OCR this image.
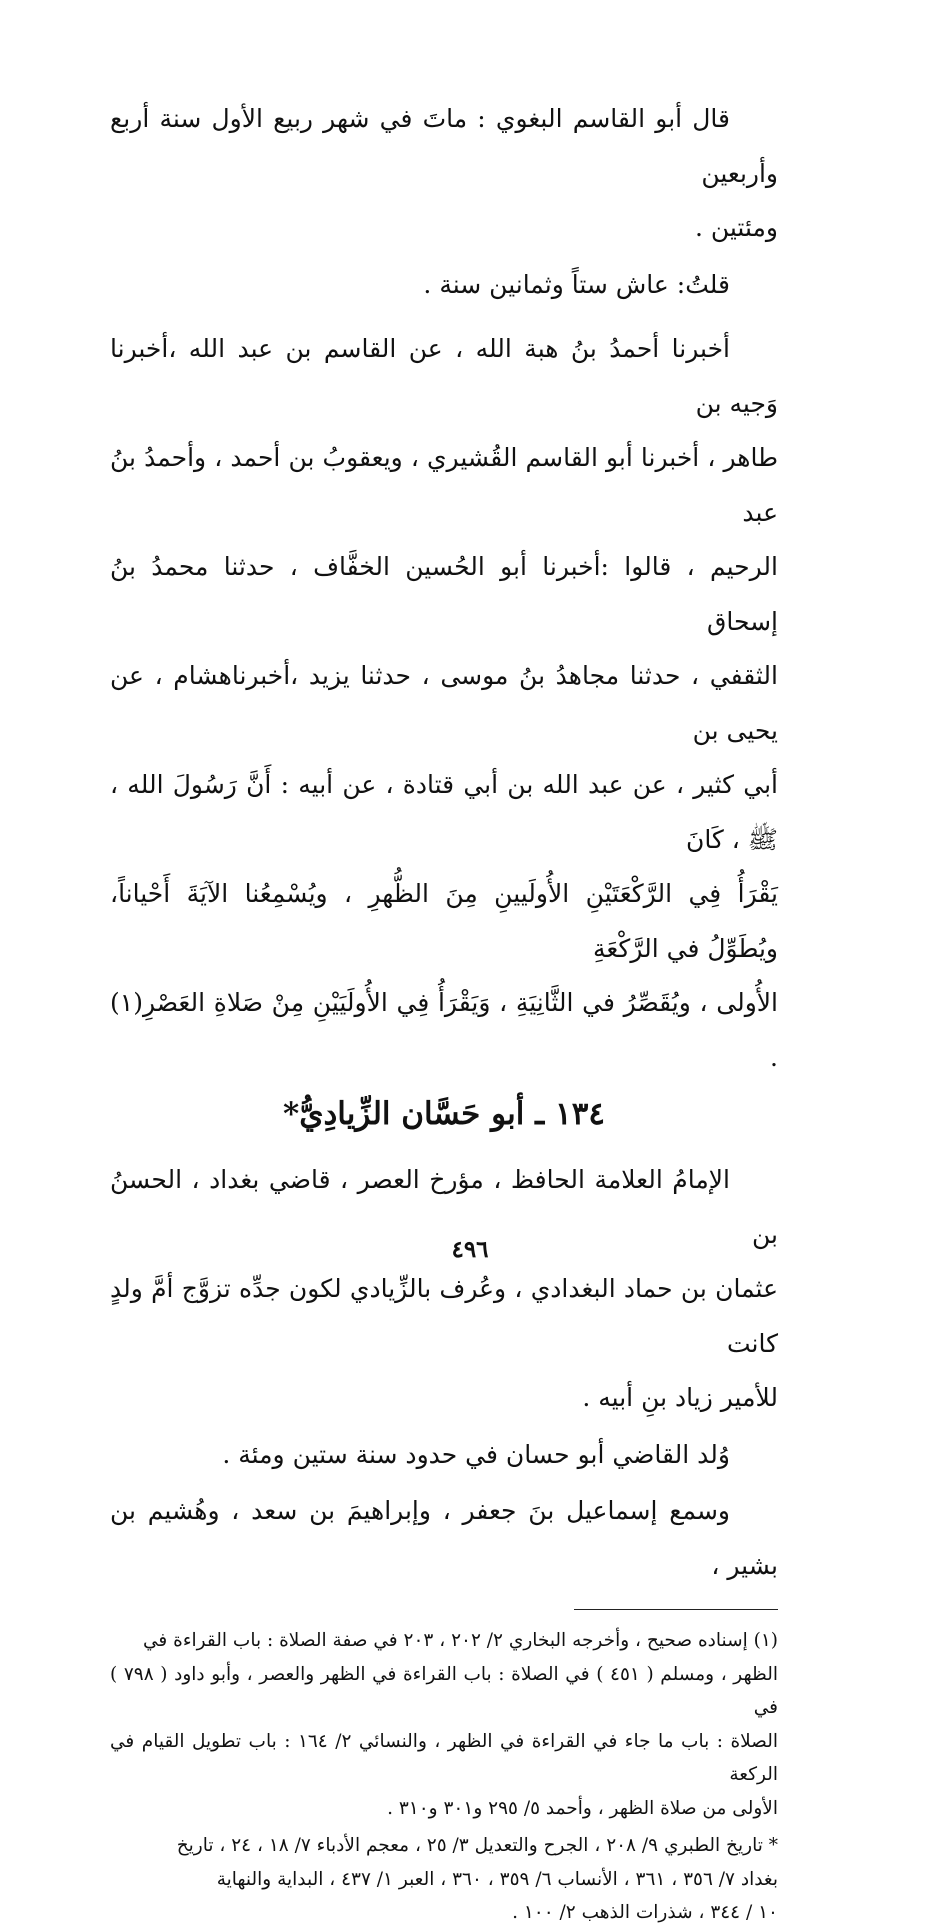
قال أبو القاسم البغوي : ماتَ في شهر ربيع الأول سنة أربع وأربعين
ومئتين .

قلتُ: عاش ستاً وثمانين سنة .

أخبرنا أحمدُ بنُ هبة الله ، عن القاسم بن عبد الله ،أخبرنا وَجيه بن
طاهر ، أخبرنا أبو القاسم القُشيري ، ويعقوبُ بن أحمد ، وأحمدُ بنُ عبد
الرحيم ، قالوا :أخبرنا أبو الحُسين الخفَّاف ، حدثنا محمدُ بنُ إسحاق
الثقفي ، حدثنا مجاهدُ بنُ موسى ، حدثنا يزيد ،أخبرناهشام ، عن يحيى بن
أبي كثير ، عن عبد الله بن أبي قتادة ، عن أبيه : أَنَّ رَسُولَ الله ، ﷺ ، كَانَ
يَقْرَأُ فِي الرَّكْعَتَيْنِ الأُولَيينِ مِنَ الظُّهرِ ، ويُسْمِعُنا الآيَةَ أَحْياناً، ويُطَوِّلُ في الرَّكْعَةِ
الأُولى ، ويُقَصِّرُ في الثَّانِيَةِ ، وَيَقْرَأُ فِي الأُولَيَيْنِ مِنْ صَلاةِ العَصْرِ(١) .

١٣٤ ـ أبو حَسَّان الزِّيادِيُّ*

الإمامُ العلامة الحافظ ، مؤرخ العصر ، قاضي بغداد ، الحسنُ بن
عثمان بن حماد البغدادي ، وعُرف بالزِّيادي لكون جدِّه تزوَّج أمَّ ولدٍ كانت
للأمير زياد بنِ أبيه .

وُلد القاضي أبو حسان في حدود سنة ستين ومئة .

وسمع إسماعيل بنَ جعفر ، وإبراهيمَ بن سعد ، وهُشيم بن بشير ،

(١) إسناده صحيح ، وأخرجه البخاري ٢/ ٢٠٢ ، ٢٠٣ في صفة الصلاة : باب القراءة في
الظهر ، ومسلم ( ٤٥١ ) في الصلاة : باب القراءة في الظهر والعصر ، وأبو داود ( ٧٩٨ ) في
الصلاة : باب ما جاء في القراءة في الظهر ، والنسائي ٢/ ١٦٤ : باب تطويل القيام في الركعة
الأولى من صلاة الظهر ، وأحمد ٥/ ٢٩٥ و٣٠١ و٣١٠ .

* تاريخ الطبري ٩/ ٢٠٨ ، الجرح والتعديل ٣/ ٢٥ ، معجم الأدباء ٧/ ١٨ ، ٢٤ ، تاريخ
بغداد ٧/ ٣٥٦ ، ٣٦١ ، الأنساب ٦/ ٣٥٩ ، ٣٦٠ ، العبر ١/ ٤٣٧ ، البداية والنهاية
١٠ / ٣٤٤ ، شذرات الذهب ٢/ ١٠٠ .

٤٩٦
